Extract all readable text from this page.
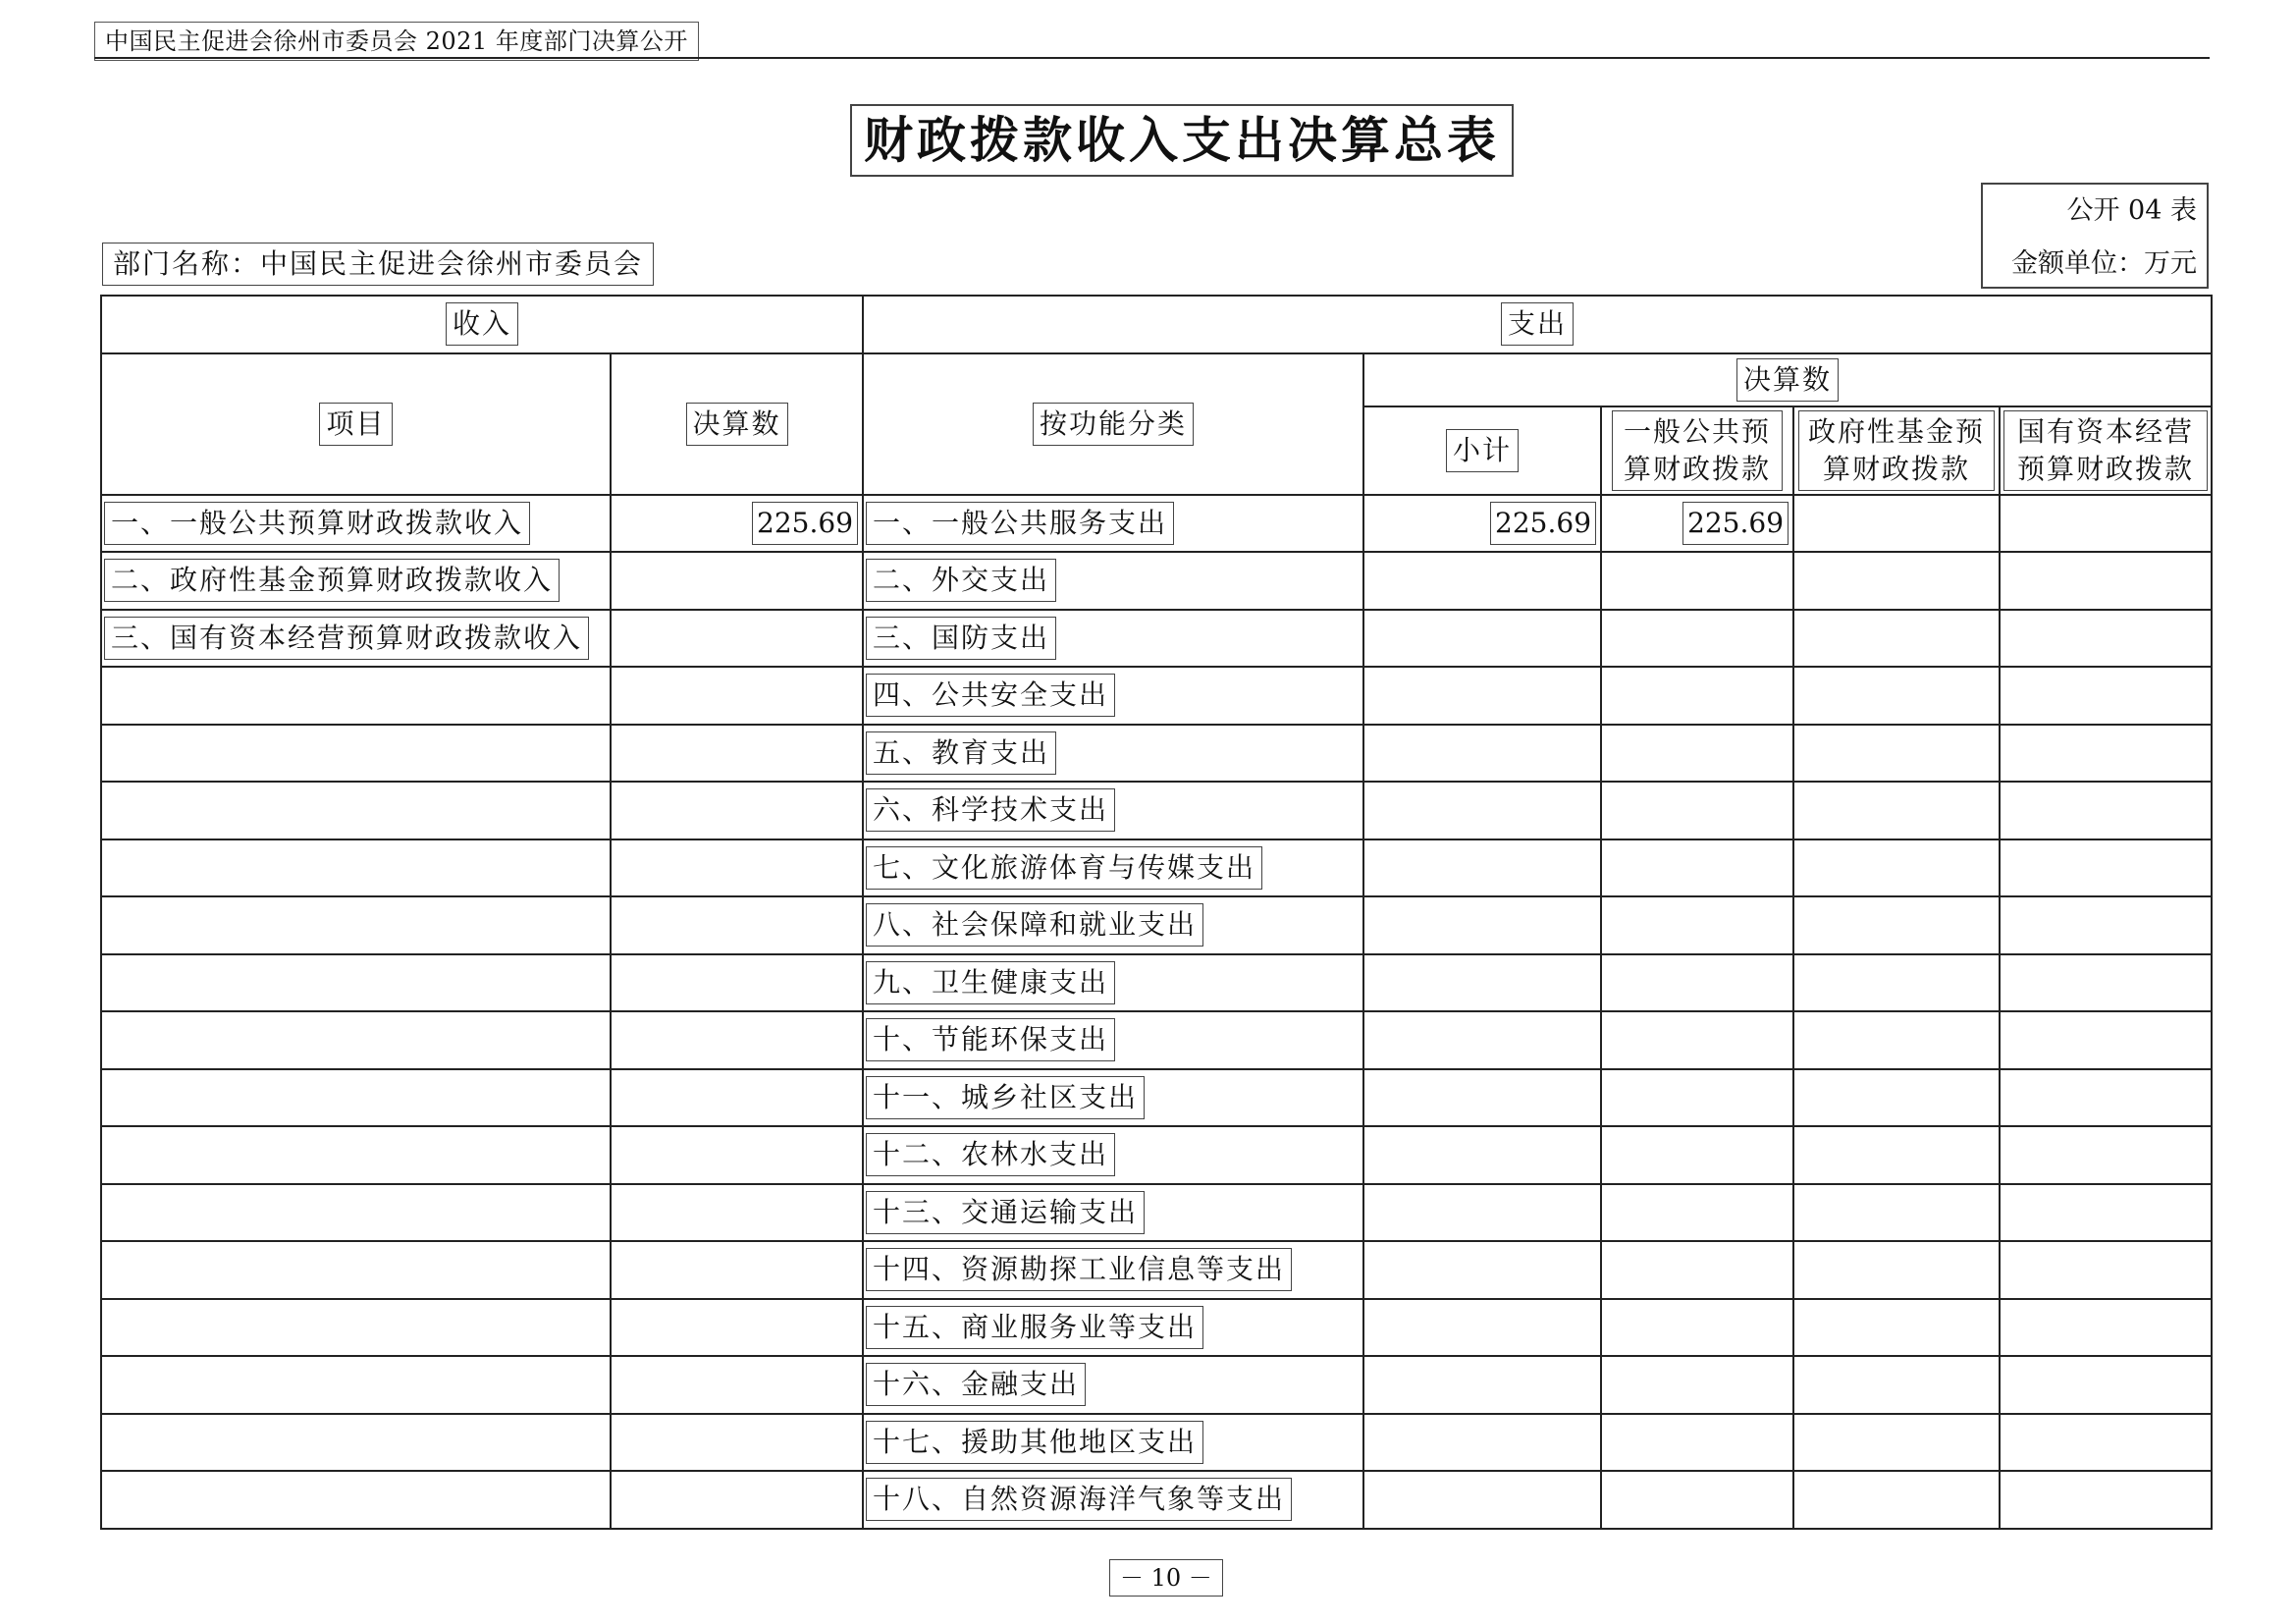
中国民主促进会徐州市委员会 2021 年度部门决算公开
财政拨款收入支出决算总表
公开 04 表
金额单位：万元
部门名称：中国民主促进会徐州市委员会
收入		支出				
项目	决算数	按功能分类	决算数			
			小计	一般公共预算财政拨款	政府性基金预算财政拨款	国有资本经营预算财政拨款
一、一般公共预算财政拨款收入	225.69	一、一般公共服务支出	225.69	225.69		
二、政府性基金预算财政拨款收入		二、外交支出				
三、国有资本经营预算财政拨款收入		三、国防支出				
		四、公共安全支出				
		五、教育支出				
		六、科学技术支出				
		七、文化旅游体育与传媒支出				
		八、社会保障和就业支出				
		九、卫生健康支出				
		十、节能环保支出				
		十一、城乡社区支出				
		十二、农林水支出				
		十三、交通运输支出				
		十四、资源勘探工业信息等支出				
		十五、商业服务业等支出				
		十六、金融支出				
		十七、援助其他地区支出				
		十八、自然资源海洋气象等支出				
－ 10 －
